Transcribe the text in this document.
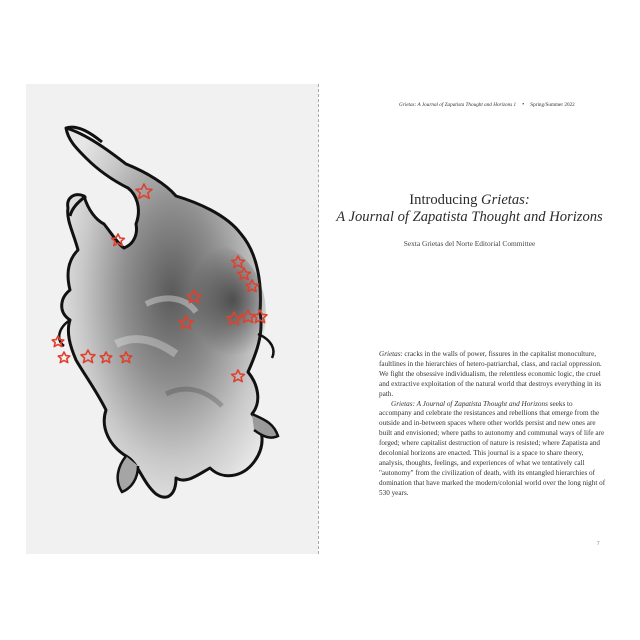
Grietas: A Journal of Zapatista Thought and Horizons 1 • Spring/Summer 2022
Introducing Grietas:
A Journal of Zapatista Thought and Horizons
Sexta Grietas del Norte Editorial Committee

Grietas: cracks in the walls of power, fissures in the capitalist monoculture, faultlines in the hierarchies of hetero-patriarchal, class, and racial oppression. We fight the obsessive individualism, the relentless economic logic, the cruel and extractive exploitation of the natural world that destroys everything in its path.

Grietas: A Journal of Zapatista Thought and Horizons seeks to accompany and celebrate the resistances and rebellions that emerge from the outside and in-between spaces where other worlds persist and new ones are built and envisioned; where paths to autonomy and communal ways of life are forged; where capitalist destruction of nature is resisted; where Zapatista and decolonial horizons are enacted. This journal is a space to share theory, analysis, thoughts, feelings, and experiences of what we tentatively call "autonomy" from the civilization of death, with its entangled hierarchies of domination that have marked the modern/colonial world over the long night of 530 years.

7
